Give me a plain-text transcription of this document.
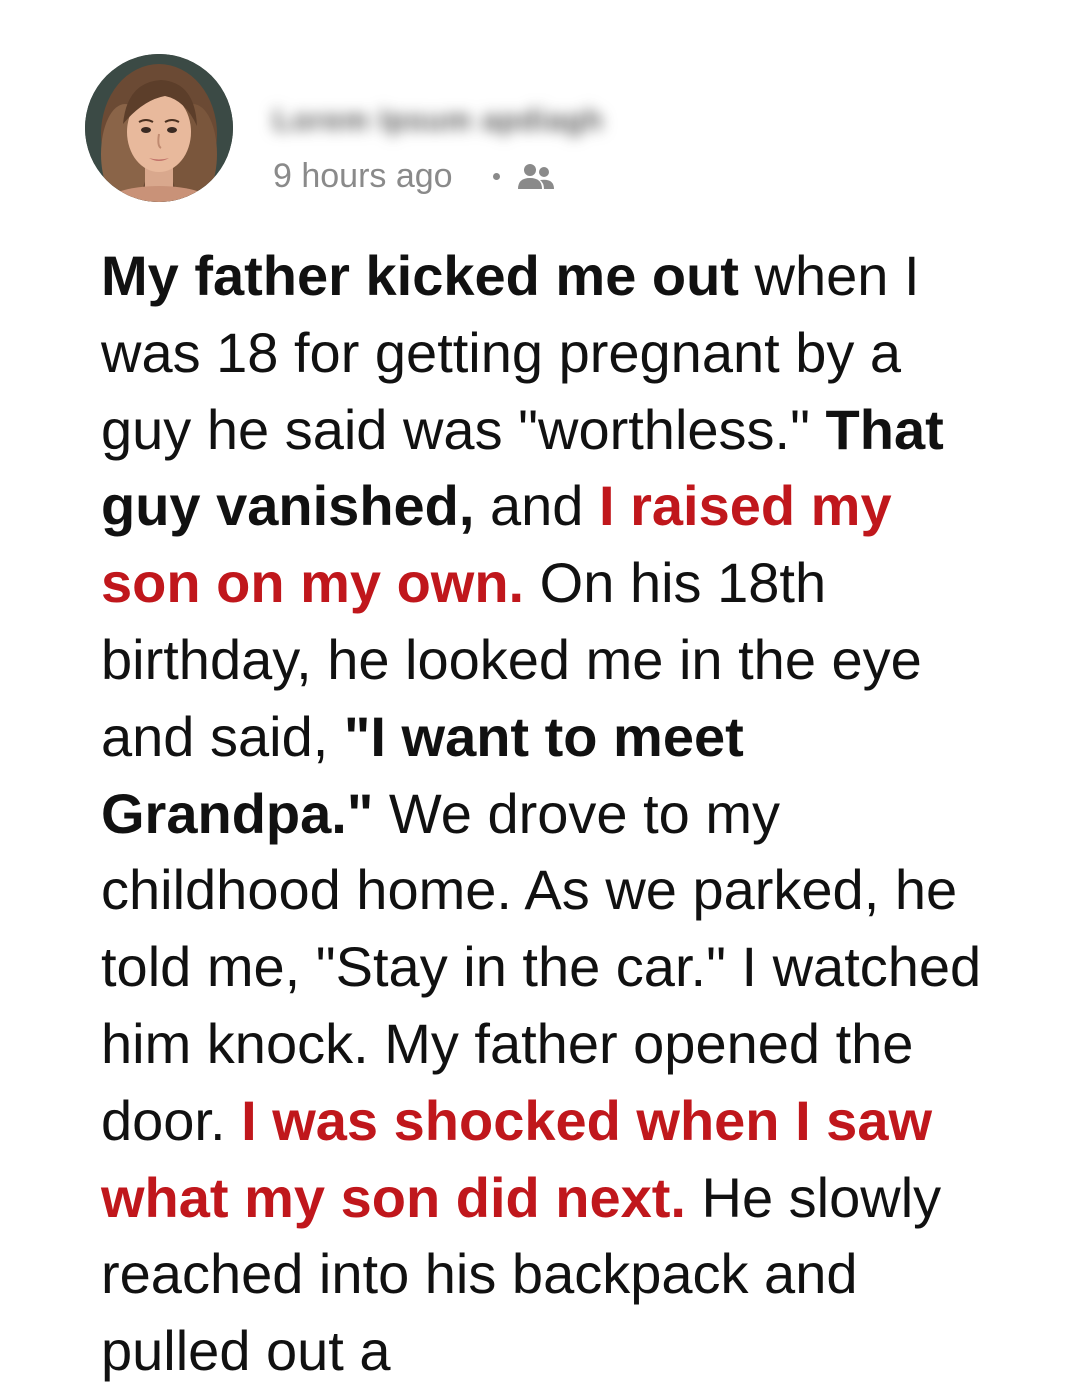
Lorem Ipsum apdiagh
9 hours ago

My father kicked me out when I was 18 for getting pregnant by a guy he said was "worthless." That guy vanished, and I raised my son on my own. On his 18th birthday, he looked me in the eye and said, "I want to meet Grandpa." We drove to my childhood home. As we parked, he told me, "Stay in the car." I watched him knock. My father opened the door. I was shocked when I saw what my son did next. He slowly reached into his backpack and pulled out a
